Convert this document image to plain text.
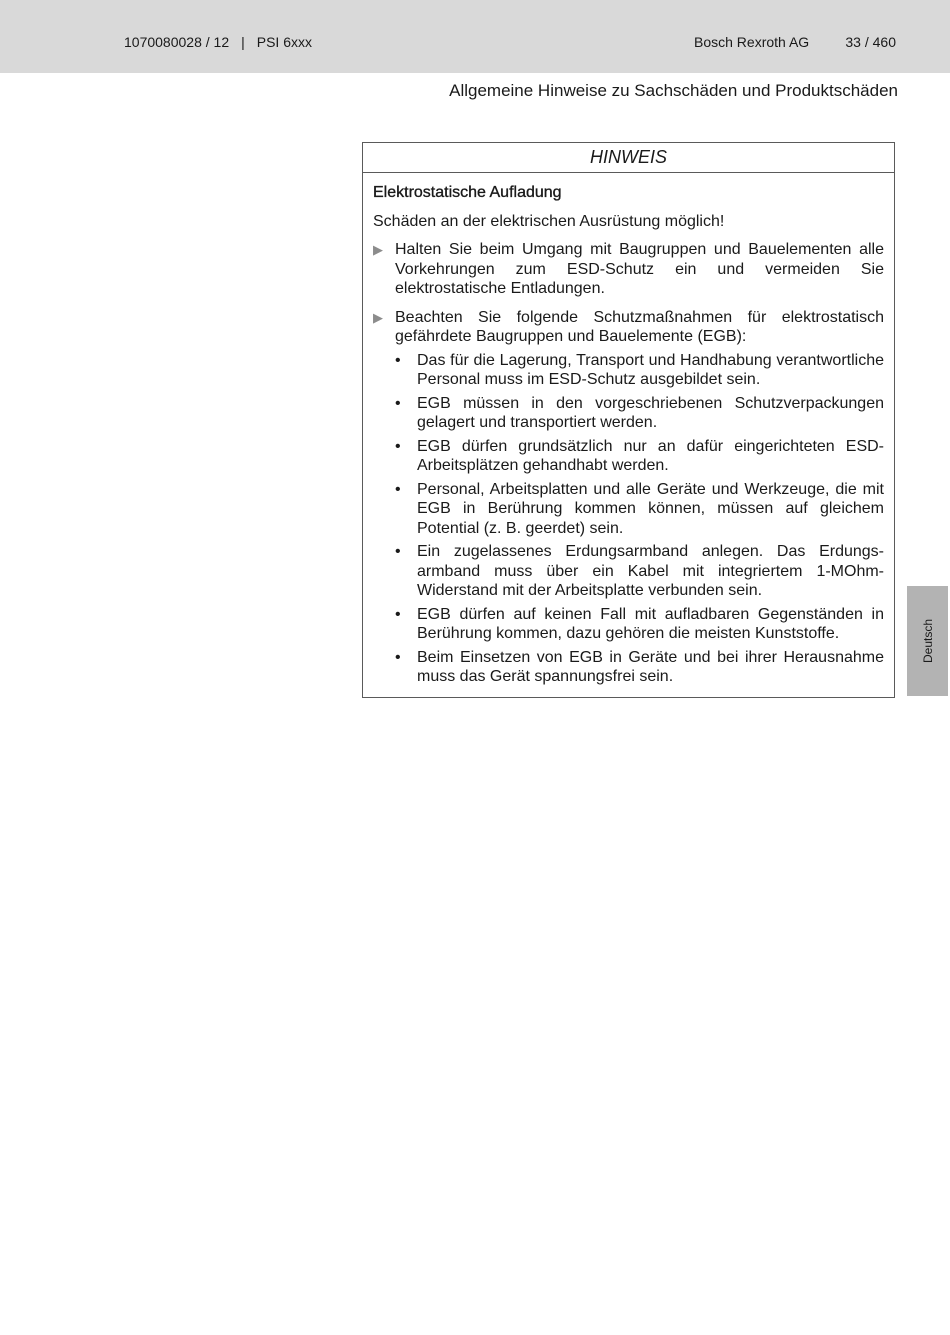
1070080028 / 12 | PSI 6xxx	Bosch Rexroth AG	33 / 460
Allgemeine Hinweise zu Sachschäden und Produktschäden
HINWEIS
Elektrostatische Aufladung
Schäden an der elektrischen Ausrüstung möglich!
▶ Halten Sie beim Umgang mit Baugruppen und Bauelementen alle Vorkehrungen zum ESD-Schutz ein und vermeiden Sie elektrostatische Entladungen.
▶ Beachten Sie folgende Schutzmaßnahmen für elektrostatisch gefährdete Baugruppen und Bauelemente (EGB):
• Das für die Lagerung, Transport und Handhabung verantwortliche Personal muss im ESD-Schutz ausgebildet sein.
• EGB müssen in den vorgeschriebenen Schutzverpackungen gelagert und transportiert werden.
• EGB dürfen grundsätzlich nur an dafür eingerichteten ESD-Arbeitsplätzen gehandhabt werden.
• Personal, Arbeitsplatten und alle Geräte und Werkzeuge, die mit EGB in Berührung kommen können, müssen auf gleichem Potential (z. B. geerdet) sein.
• Ein zugelassenes Erdungsarmband anlegen. Das Erdungsarmband muss über ein Kabel mit integriertem 1-MOhm-Widerstand mit der Arbeitsplatte verbunden sein.
• EGB dürfen auf keinen Fall mit aufladbaren Gegenständen in Berührung kommen, dazu gehören die meisten Kunststoffe.
• Beim Einsetzen von EGB in Geräte und bei ihrer Herausnahme muss das Gerät spannungsfrei sein.
Deutsch
